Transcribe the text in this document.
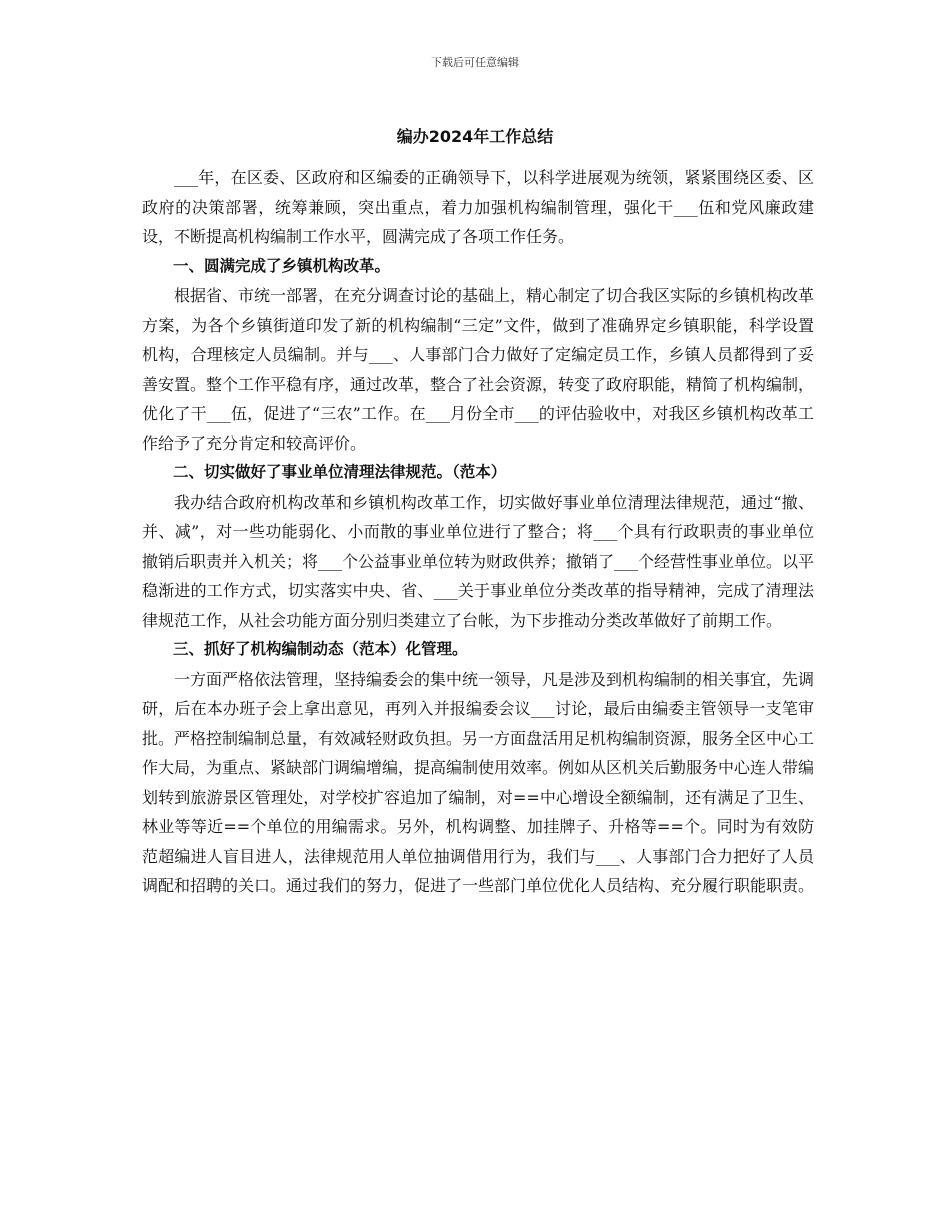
下载后可任意编辑
编办2024年工作总结

___年，在区委、区政府和区编委的正确领导下，以科学进展观为统领，紧紧围绕区委、区政府的决策部署，统筹兼顾，突出重点，着力加强机构编制管理，强化干___伍和党风廉政建设，不断提高机构编制工作水平，圆满完成了各项工作任务。

一、圆满完成了乡镇机构改革。

根据省、市统一部署，在充分调查讨论的基础上，精心制定了切合我区实际的乡镇机构改革方案，为各个乡镇街道印发了新的机构编制“三定”文件，做到了准确界定乡镇职能，科学设置机构，合理核定人员编制。并与___、人事部门合力做好了定编定员工作，乡镇人员都得到了妥善安置。整个工作平稳有序，通过改革，整合了社会资源，转变了政府职能，精简了机构编制，优化了干___伍，促进了“三农”工作。在___月份全市___的评估验收中，对我区乡镇机构改革工作给予了充分肯定和较高评价。

二、切实做好了事业单位清理法律规范。（范本）

我办结合政府机构改革和乡镇机构改革工作，切实做好事业单位清理法律规范，通过“撤、并、减”，对一些功能弱化、小而散的事业单位进行了整合；将___个具有行政职责的事业单位撤销后职责并入机关；将___个公益事业单位转为财政供养；撤销了___个经营性事业单位。以平稳渐进的工作方式，切实落实中央、省、___关于事业单位分类改革的指导精神，完成了清理法律规范工作，从社会功能方面分别归类建立了台帐，为下步推动分类改革做好了前期工作。

三、抓好了机构编制动态（范本）化管理。

一方面严格依法管理，坚持编委会的集中统一领导，凡是涉及到机构编制的相关事宜，先调研，后在本办班子会上拿出意见，再列入并报编委会议___讨论，最后由编委主管领导一支笔审批。严格控制编制总量，有效减轻财政负担。另一方面盘活用足机构编制资源，服务全区中心工作大局，为重点、紧缺部门调编增编，提高编制使用效率。例如从区机关后勤服务中心连人带编划转到旅游景区管理处，对学校扩容追加了编制，对==中心增设全额编制，还有满足了卫生、林业等等近==个单位的用编需求。另外，机构调整、加挂牌子、升格等==个。同时为有效防范超编进人盲目进人，法律规范用人单位抽调借用行为，我们与___、人事部门合力把好了人员调配和招聘的关口。通过我们的努力，促进了一些部门单位优化人员结构、充分履行职能职责。
